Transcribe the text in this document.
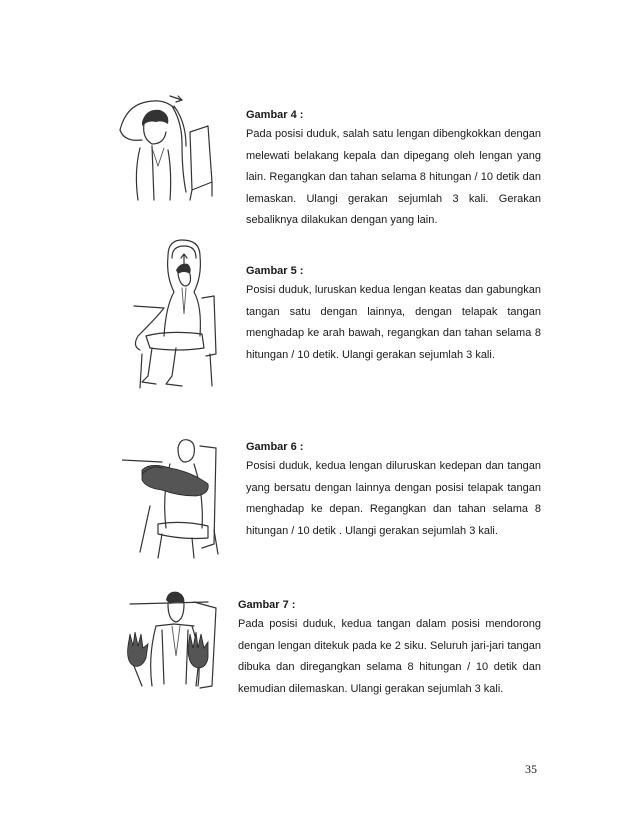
Gambar 4 :
Pada posisi duduk, salah satu lengan dibengkokkan dengan melewati belakang kepala dan dipegang oleh lengan yang lain. Regangkan dan tahan selama 8 hitungan / 10 detik dan lemaskan. Ulangi gerakan sejumlah 3 kali. Gerakan sebaliknya dilakukan dengan yang lain.
Gambar 5 :
Posisi duduk, luruskan kedua lengan keatas dan gabungkan tangan satu dengan lainnya, dengan telapak tangan menghadap ke arah bawah, regangkan dan tahan selama 8 hitungan / 10 detik. Ulangi gerakan sejumlah 3 kali.
Gambar 6 :
Posisi duduk, kedua lengan diluruskan kedepan dan tangan yang bersatu dengan lainnya dengan posisi telapak tangan menghadap ke depan. Regangkan dan tahan selama 8 hitungan / 10 detik . Ulangi gerakan sejumlah 3 kali.
Gambar 7 :
Pada posisi duduk, kedua tangan dalam posisi mendorong dengan lengan ditekuk pada ke 2 siku. Seluruh jari-jari tangan dibuka dan diregangkan selama 8 hitungan / 10 detik dan kemudian dilemaskan. Ulangi gerakan sejumlah 3 kali.
35
